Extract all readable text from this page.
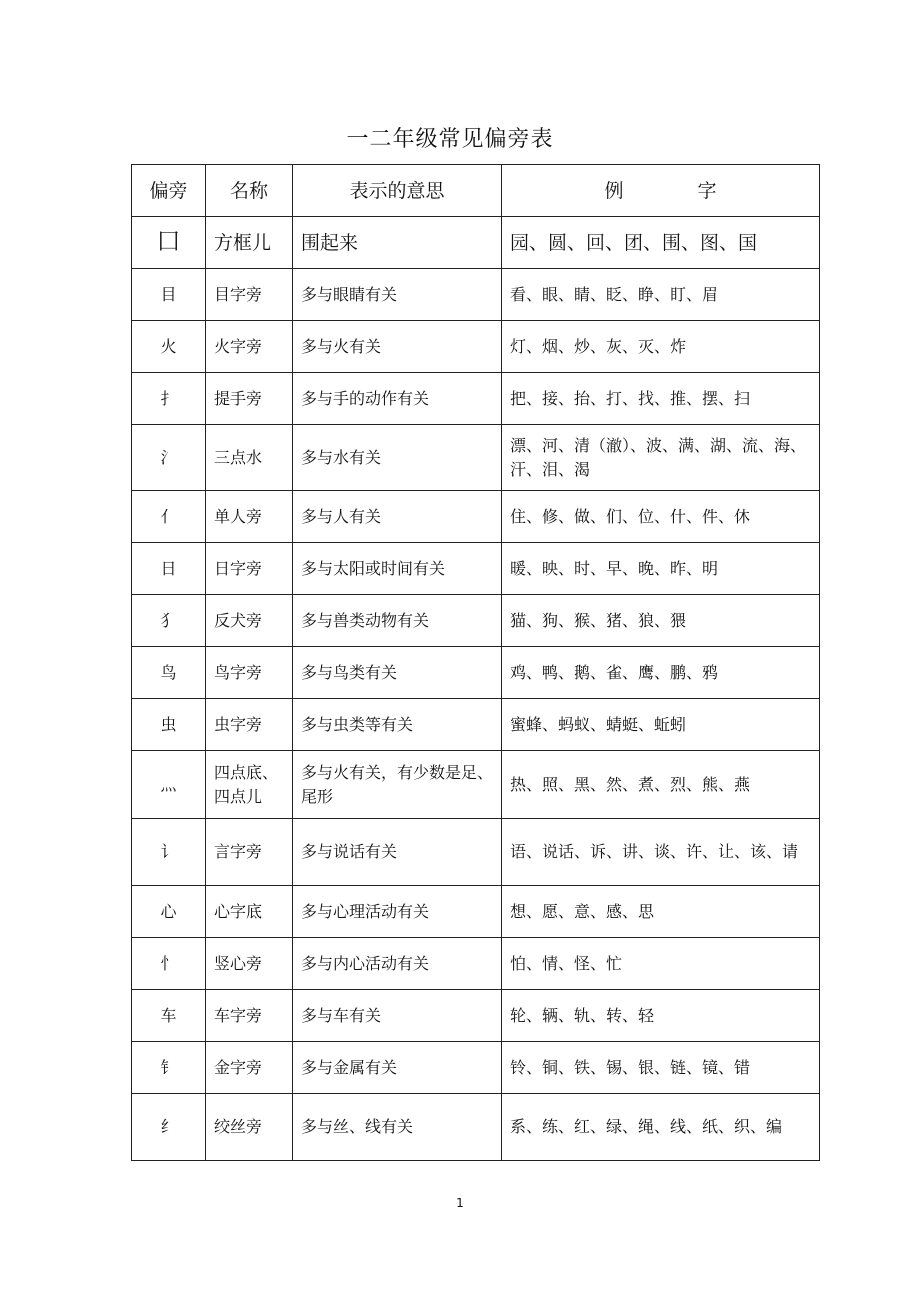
一二年级常见偏旁表
偏旁	名称	表示的意思	例 字
囗	方框儿	围起来	园、圆、回、团、围、图、国
目	目字旁	多与眼睛有关	看、眼、睛、眨、睁、盯、眉
火	火字旁	多与火有关	灯、烟、炒、灰、灭、炸
扌	提手旁	多与手的动作有关	把、接、抬、打、找、推、摆、扫
氵	三点水	多与水有关	漂、河、清（澈）、波、满、湖、流、海、汗、泪、渴
亻	单人旁	多与人有关	住、修、做、们、位、什、件、休
日	日字旁	多与太阳或时间有关	暖、映、时、早、晚、昨、明
犭	反犬旁	多与兽类动物有关	猫、狗、猴、猪、狼、猥
鸟	鸟字旁	多与鸟类有关	鸡、鸭、鹅、雀、鹰、鹏、鸦
虫	虫字旁	多与虫类等有关	蜜蜂、蚂蚁、蜻蜓、蚯蚓
灬	四点底、四点儿	多与火有关，有少数是足、尾形	热、照、黑、然、煮、烈、熊、燕
讠	言字旁	多与说话有关	语、说话、诉、讲、谈、许、让、该、请
心	心字底	多与心理活动有关	想、愿、意、感、思
忄	竖心旁	多与内心活动有关	怕、情、怪、忙
车	车字旁	多与车有关	轮、辆、轨、转、轻
钅	金字旁	多与金属有关	铃、铜、铁、锡、银、链、镜、错
纟	绞丝旁	多与丝、线有关	系、练、红、绿、绳、线、纸、织、编
1
